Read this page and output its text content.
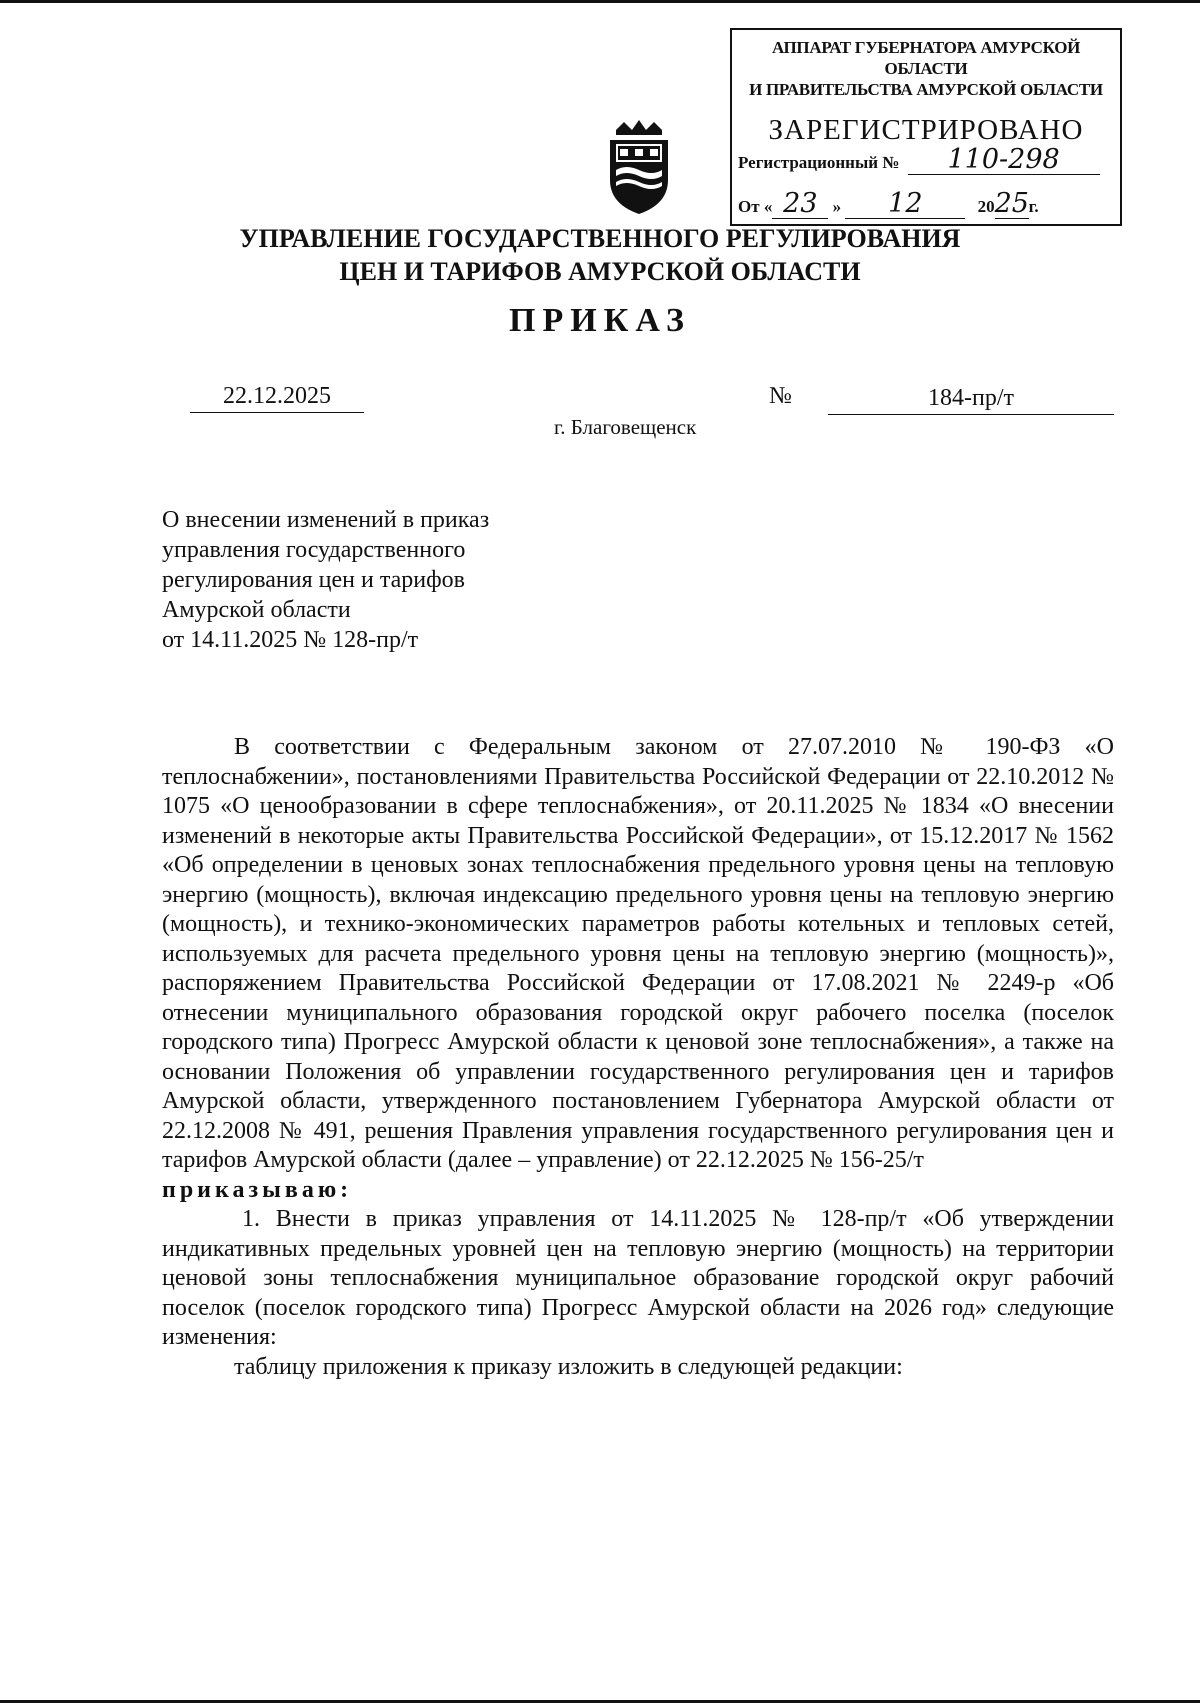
АППАРАТ ГУБЕРНАТОРА АМУРСКОЙ ОБЛАСТИ
И ПРАВИТЕЛЬСТВА АМУРСКОЙ ОБЛАСТИ
ЗАРЕГИСТРИРОВАНО
Регистрационный № 110-298
От « 23 » 12	2025г.
УПРАВЛЕНИЕ ГОСУДАРСТВЕННОГО РЕГУЛИРОВАНИЯ
ЦЕН И ТАРИФОВ АМУРСКОЙ ОБЛАСТИ
ПРИКАЗ
22.12.2025	№	184-пр/т
г. Благовещенск
О внесении изменений в приказ
управления государственного
регулирования цен и тарифов
Амурской области
от 14.11.2025 № 128-пр/т

В соответствии с Федеральным законом от 27.07.2010 № 190-ФЗ «О теплоснабжении», постановлениями Правительства Российской Федерации от 22.10.2012 № 1075 «О ценообразовании в сфере теплоснабжения», от 20.11.2025 № 1834 «О внесении изменений в некоторые акты Правительства Российской Федерации», от 15.12.2017 № 1562 «Об определении в ценовых зонах теплоснабжения предельного уровня цены на тепловую энергию (мощность), включая индексацию предельного уровня цены на тепловую энергию (мощность), и технико-экономических параметров работы котельных и тепловых сетей, используемых для расчета предельного уровня цены на тепловую энергию (мощность)», распоряжением Правительства Российской Федерации от 17.08.2021 № 2249-р «Об отнесении муниципального образования городской округ рабочего поселка (поселок городского типа) Прогресс Амурской области к ценовой зоне теплоснабжения», а также на основании Положения об управлении государственного регулирования цен и тарифов Амурской области, утвержденного постановлением Губернатора Амурской области от 22.12.2008 № 491, решения Правления управления государственного регулирования цен и тарифов Амурской области (далее – управление) от 22.12.2025 № 156-25/т

приказываю:

1. Внести в приказ управления от 14.11.2025 № 128-пр/т «Об утверждении индикативных предельных уровней цен на тепловую энергию (мощность) на территории ценовой зоны теплоснабжения муниципальное образование городской округ рабочий поселок (поселок городского типа) Прогресс Амурской области на 2026 год» следующие изменения:

таблицу приложения к приказу изложить в следующей редакции:
